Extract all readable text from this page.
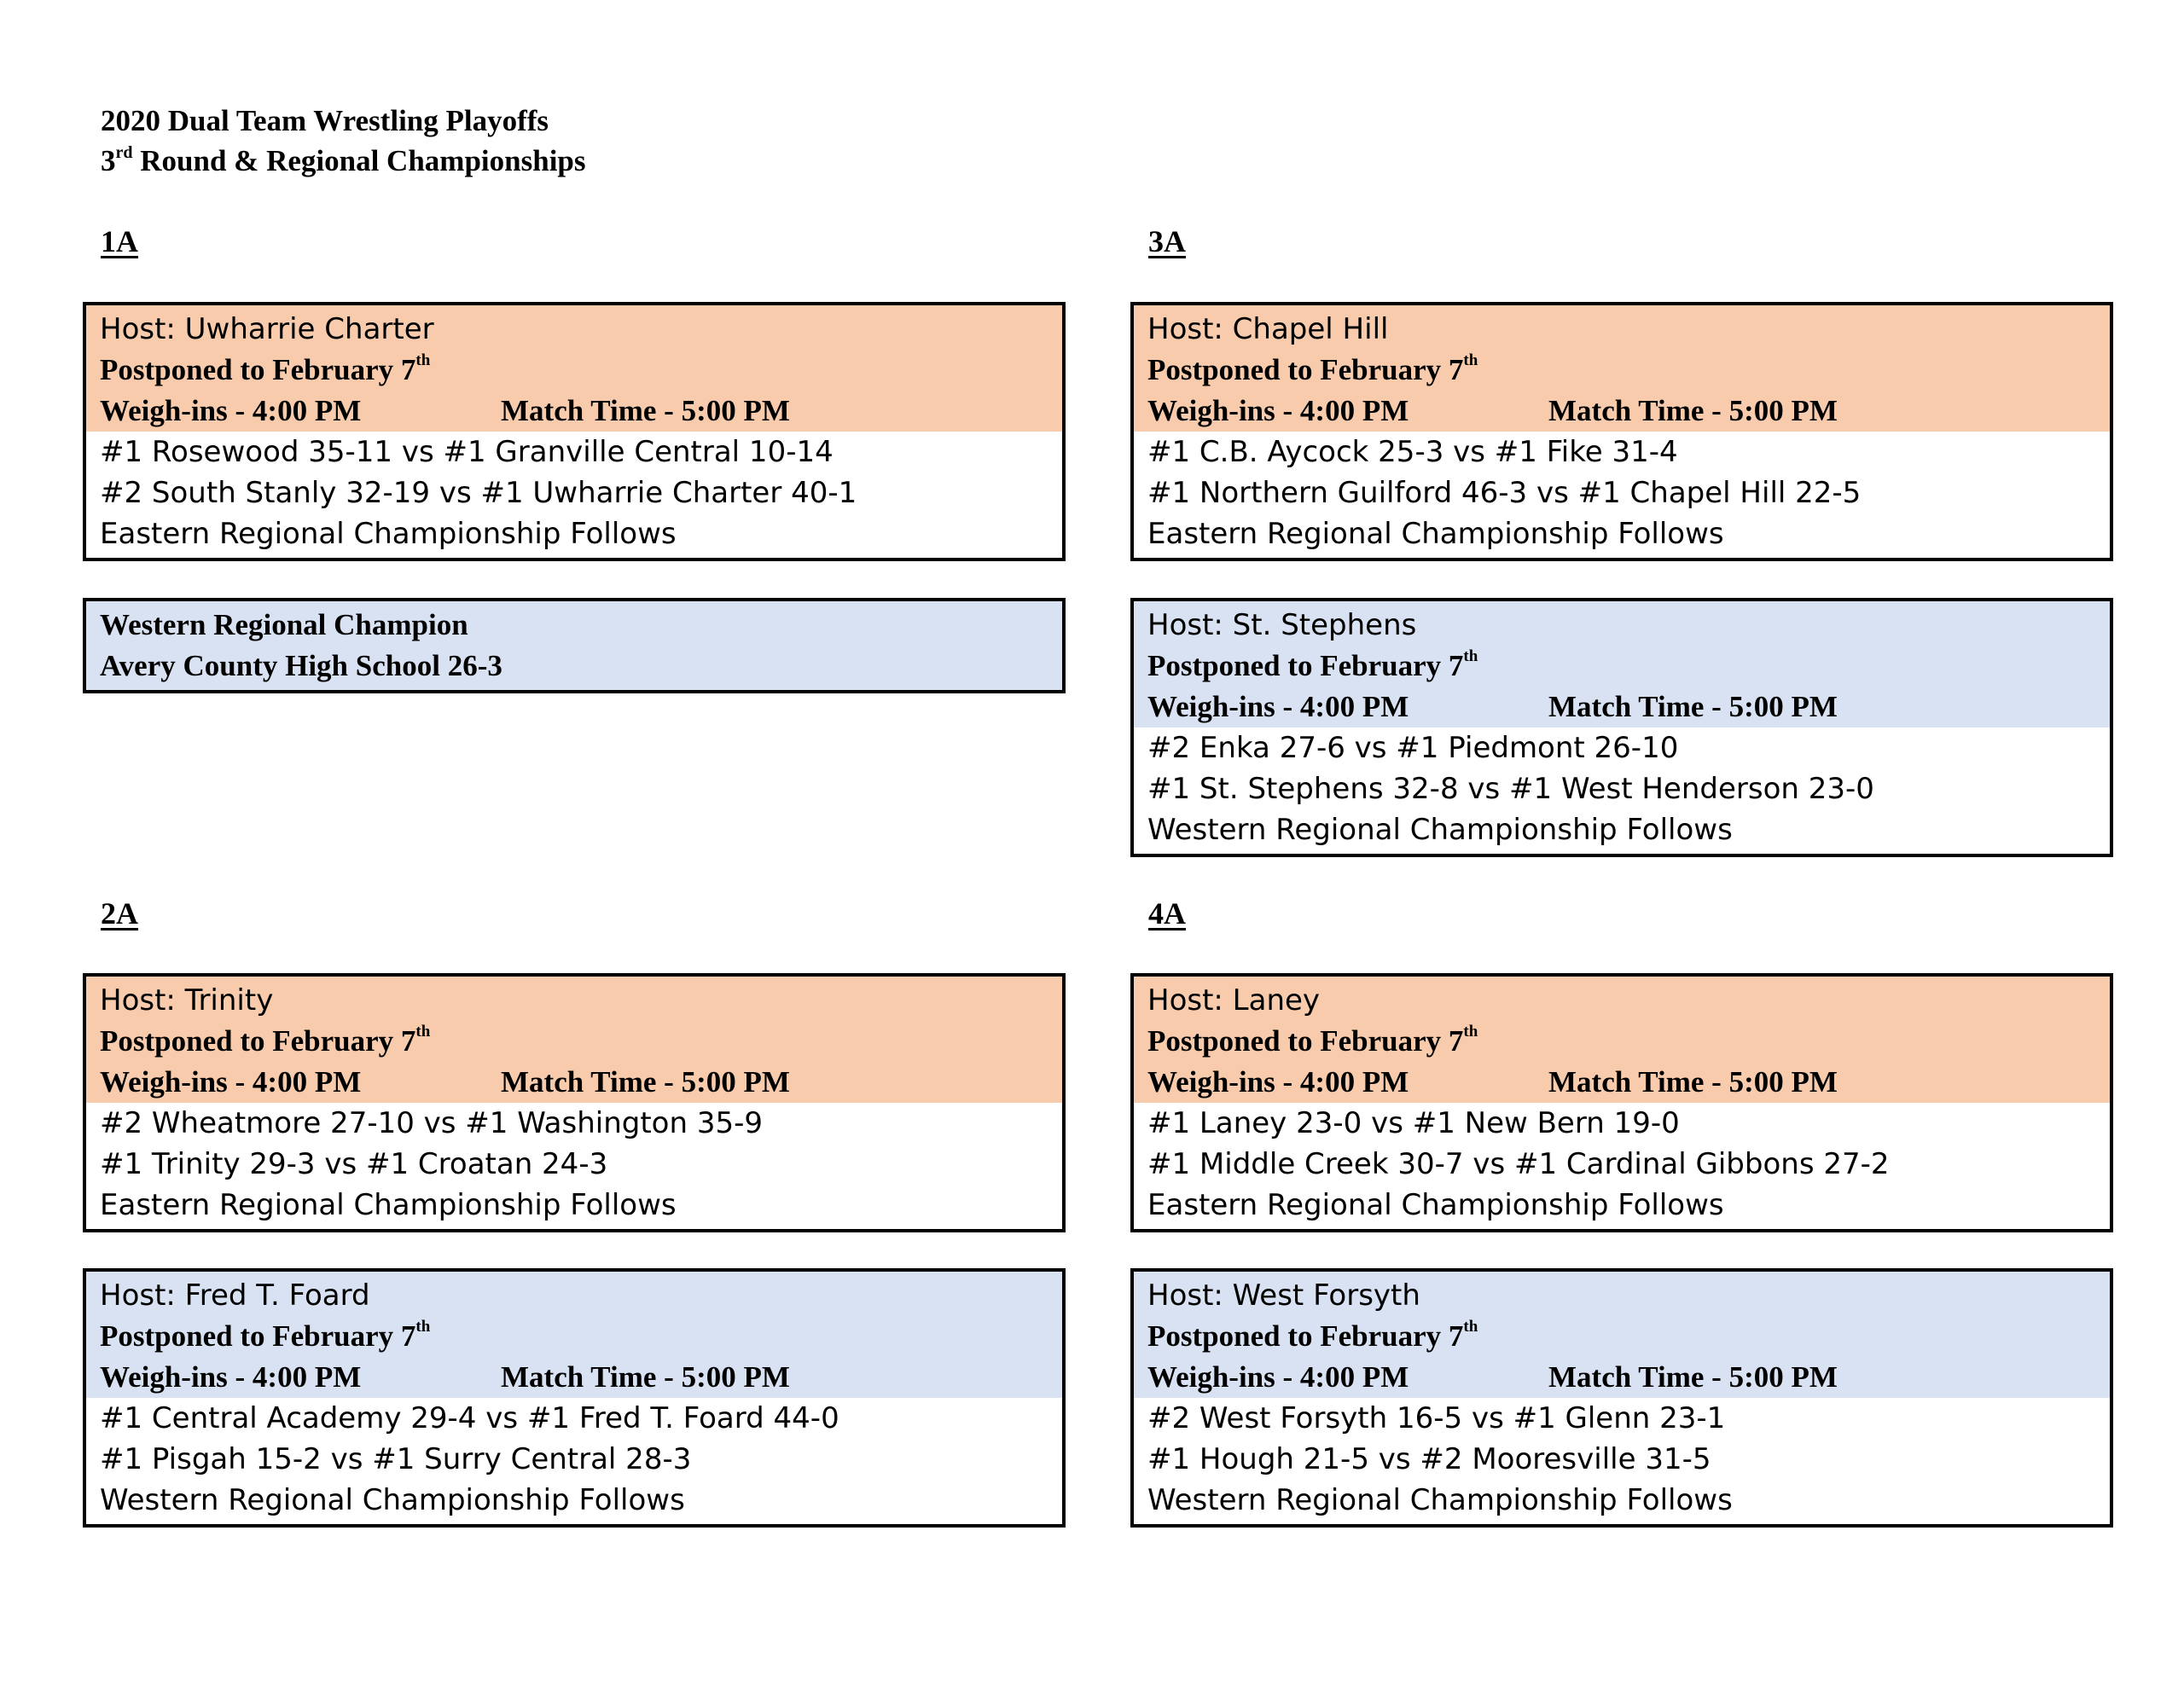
2020 Dual Team Wrestling Playoffs
3rd Round & Regional Championships
1A
Host: Uwharrie Charter
Postponed to February 7th
Weigh-ins - 4:00 PM	Match Time - 5:00 PM
#1 Rosewood 35-11 vs #1 Granville Central 10-14
#2 South Stanly 32-19 vs #1 Uwharrie Charter 40-1
Eastern Regional Championship Follows
Western Regional Champion
Avery County High School 26-3
2A
Host: Trinity
Postponed to February 7th
Weigh-ins - 4:00 PM	Match Time - 5:00 PM
#2 Wheatmore 27-10 vs #1 Washington 35-9
#1 Trinity 29-3 vs #1 Croatan 24-3
Eastern Regional Championship Follows
Host: Fred T. Foard
Postponed to February 7th
Weigh-ins - 4:00 PM	Match Time - 5:00 PM
#1 Central Academy 29-4 vs #1 Fred T. Foard 44-0
#1 Pisgah 15-2 vs #1 Surry Central 28-3
Western Regional Championship Follows
3A
Host: Chapel Hill
Postponed to February 7th
Weigh-ins - 4:00 PM	Match Time - 5:00 PM
#1 C.B. Aycock 25-3 vs #1 Fike 31-4
#1 Northern Guilford 46-3 vs #1 Chapel Hill 22-5
Eastern Regional Championship Follows
Host: St. Stephens
Postponed to February 7th
Weigh-ins - 4:00 PM	Match Time - 5:00 PM
#2 Enka 27-6 vs #1 Piedmont 26-10
#1 St. Stephens 32-8 vs #1 West Henderson 23-0
Western Regional Championship Follows
4A
Host: Laney
Postponed to February 7th
Weigh-ins - 4:00 PM	Match Time - 5:00 PM
#1 Laney 23-0 vs #1 New Bern 19-0
#1 Middle Creek 30-7 vs #1 Cardinal Gibbons 27-2
Eastern Regional Championship Follows
Host: West Forsyth
Postponed to February 7th
Weigh-ins - 4:00 PM	Match Time - 5:00 PM
#2 West Forsyth 16-5 vs #1 Glenn 23-1
#1 Hough 21-5 vs #2 Mooresville 31-5
Western Regional Championship Follows
